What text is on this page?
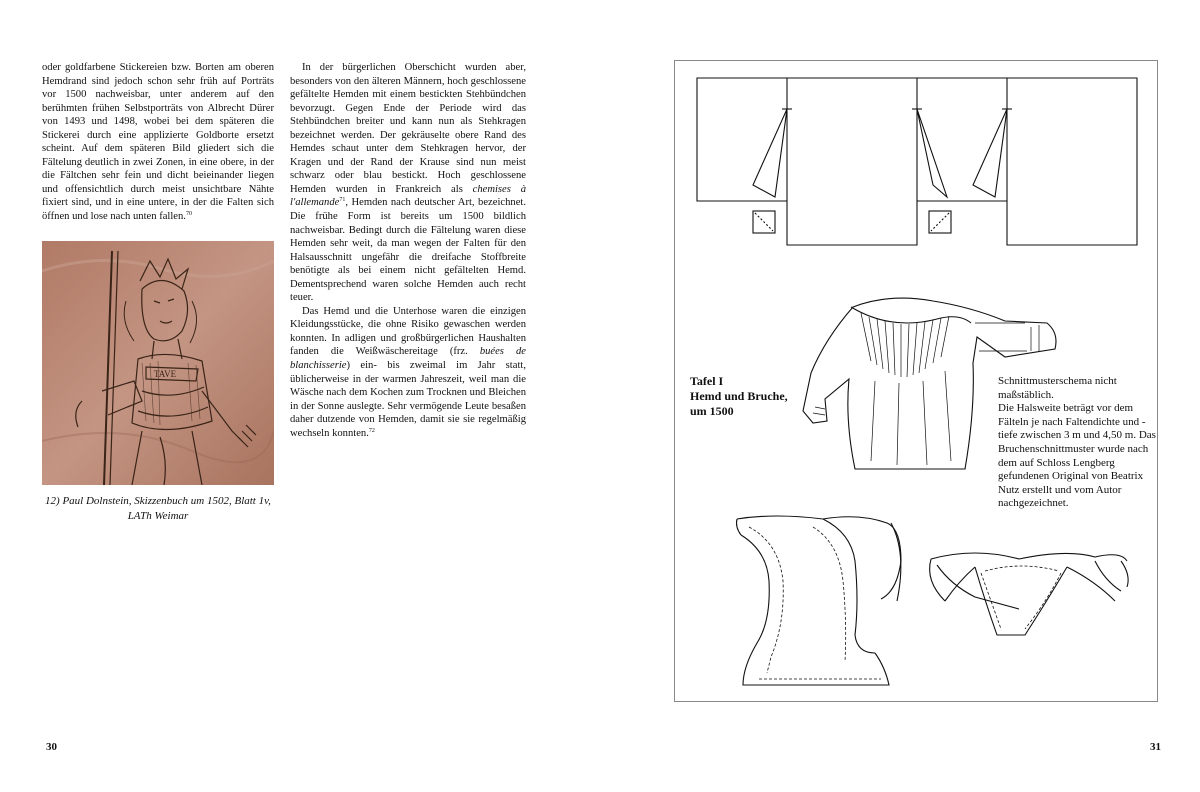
oder goldfarbene Stickereien bzw. Borten am oberen Hemdrand sind jedoch schon sehr früh auf Porträts vor 1500 nachweisbar, unter anderem auf den berühmten frühen Selbstporträts von Albrecht Dürer von 1493 und 1498, wobei bei dem späteren die Stickerei durch eine applizierte Goldborte ersetzt scheint. Auf dem späteren Bild gliedert sich die Fältelung deutlich in zwei Zonen, in eine obere, in der die Fältchen sehr fein und dicht beieinander liegen und offensichtlich durch meist unsichtbare Nähte fixiert sind, und in eine untere, in der die Falten sich öffnen und lose nach unten fallen.$^{70}$

TAVE
12) Paul Dolnstein, Skizzenbuch um 1502, Blatt 1v, LATh Weimar

In der bürgerlichen Oberschicht wurden aber, besonders von den älteren Männern, hoch geschlossene gefältelte Hemden mit einem bestickten Stehbündchen bevorzugt. Gegen Ende der Periode wird das Stehbündchen breiter und kann nun als Stehkragen bezeichnet werden. Der gekräuselte obere Rand des Hemdes schaut unter dem Stehkragen hervor, der Kragen und der Rand der Krause sind nun meist schwarz oder blau bestickt. Hoch geschlossene Hemden wurden in Frankreich als chemises à l'allemande$^{71}$, Hemden nach deutscher Art, bezeichnet. Die frühe Form ist bereits um 1500 bildlich nachweisbar. Bedingt durch die Fältelung waren diese Hemden sehr weit, da man wegen der Falten für den Halsausschnitt ungefähr die dreifache Stoffbreite benötigte als bei einem nicht gefältelten Hemd. Dementsprechend waren solche Hemden auch recht teuer.

Das Hemd und die Unterhose waren die einzigen Kleidungsstücke, die ohne Risiko gewaschen werden konnten. In adligen und großbürgerlichen Haushalten fanden die Weißwäschereitage (frz. buées de blanchisserie) ein- bis zweimal im Jahr statt, üblicherweise in der warmen Jahreszeit, weil man die Wäsche nach dem Kochen zum Trocknen und Bleichen in der Sonne auslegte. Sehr vermögende Leute besaßen daher dutzende von Hemden, damit sie sie regelmäßig wechseln konnten.$^{72}$

30
Tafel I
Hemd und Bruche,
um 1500
Schnittmusterschema nicht maßstäblich.
Die Halsweite beträgt vor dem Fälteln je nach Faltendichte und -tiefe zwischen 3 m und 4,50 m. Das Bruchenschnittmuster wurde nach dem auf Schloss Lengberg gefundenen Original von Beatrix Nutz erstellt und vom Autor nachgezeichnet.
31
